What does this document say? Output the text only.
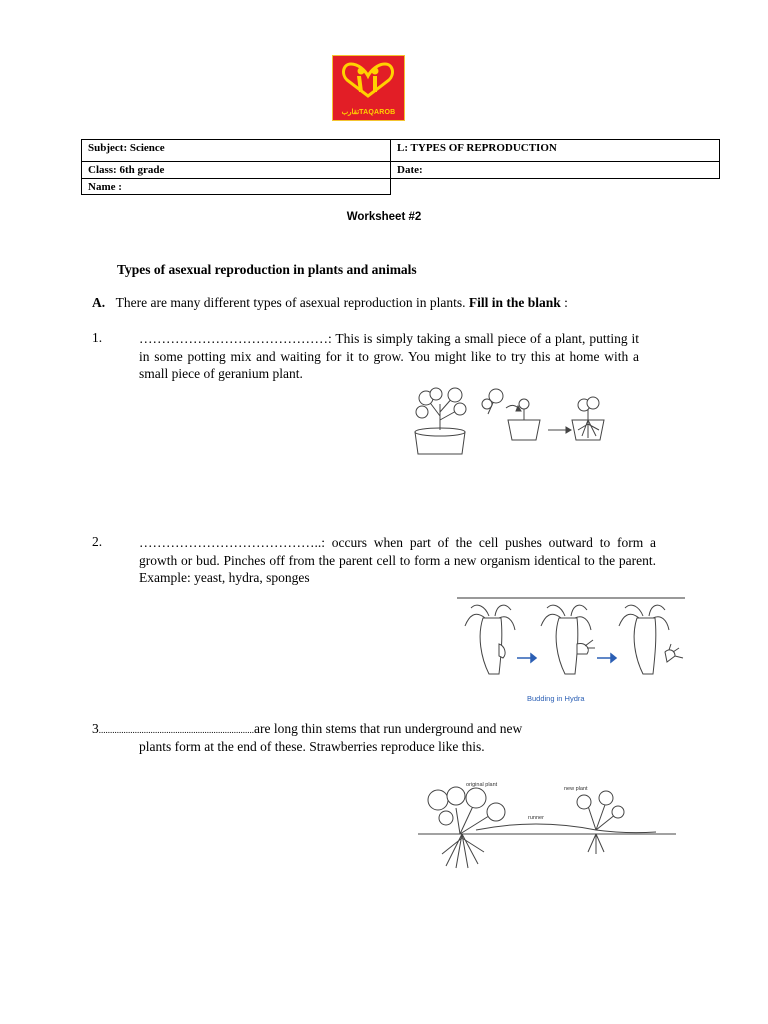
تقاربTAQAROB
Subject: Science	L: TYPES OF REPRODUCTION
Class: 6th grade	Date:
Name :
Worksheet #2
Types of asexual reproduction in plants and animals
A. There are many different types of asexual reproduction in plants. Fill in the blank :
1.	……………………………………: This is simply taking a small piece of a plant, putting it in some potting mix and waiting for it to grow. You might like to try this at home with a small piece of geranium plant.
2.	…………………………………..: occurs when part of the cell pushes outward to form a growth or bud. Pinches off from the parent cell to form a new organism identical to the parent. Example: yeast, hydra, sponges
Budding in Hydra
3.....................................................................are long thin stems that run underground and new
plants form at the end of these. Strawberries reproduce like this.
original plant
new plant
runner
